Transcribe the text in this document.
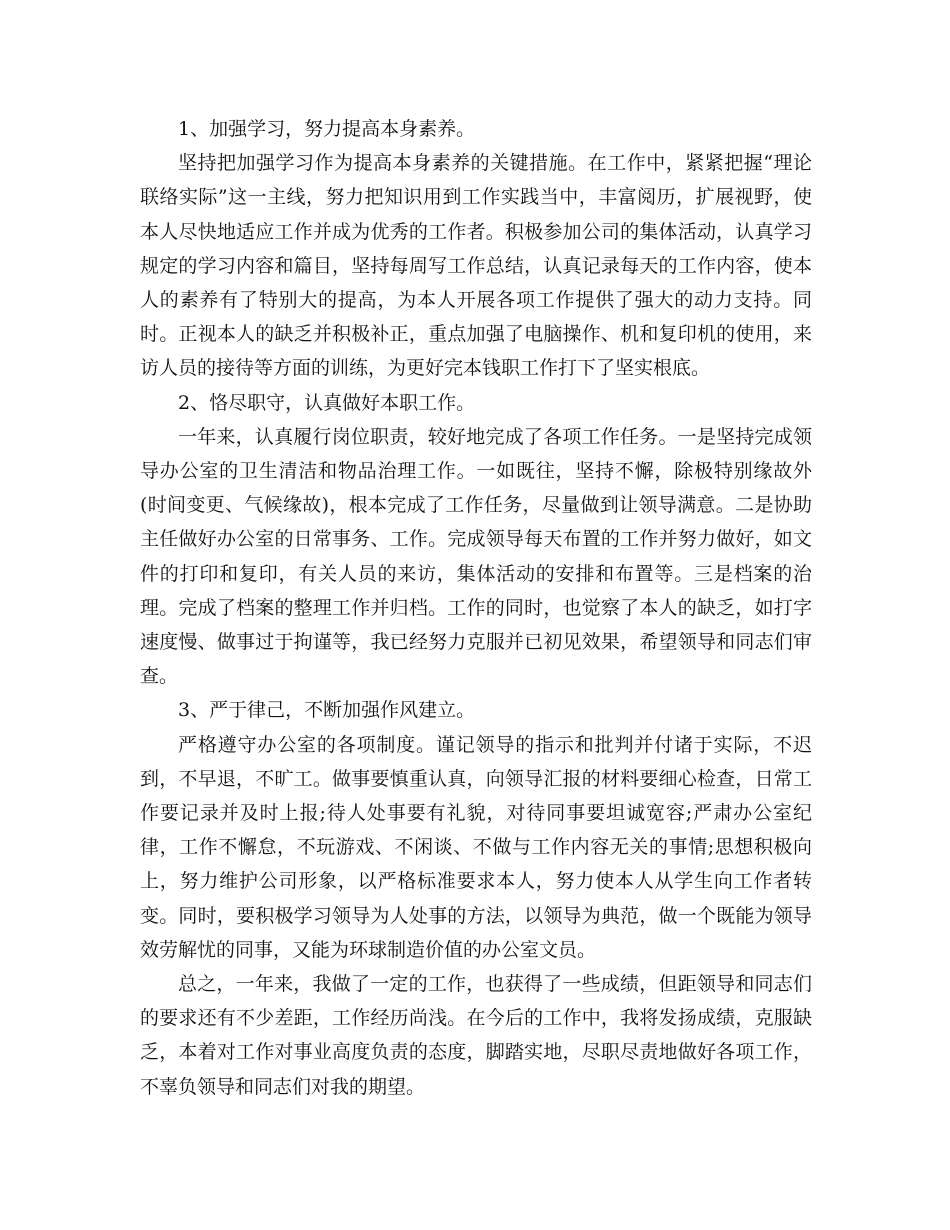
1、加强学习，努力提高本身素养。

坚持把加强学习作为提高本身素养的关键措施。在工作中，紧紧把握“理论联络实际”这一主线，努力把知识用到工作实践当中，丰富阅历，扩展视野，使本人尽快地适应工作并成为优秀的工作者。积极参加公司的集体活动，认真学习规定的学习内容和篇目，坚持每周写工作总结，认真记录每天的工作内容，使本人的素养有了特别大的提高，为本人开展各项工作提供了强大的动力支持。同时。正视本人的缺乏并积极补正，重点加强了电脑操作、机和复印机的使用，来访人员的接待等方面的训练，为更好完本钱职工作打下了坚实根底。

2、恪尽职守，认真做好本职工作。

一年来，认真履行岗位职责，较好地完成了各项工作任务。一是坚持完成领导办公室的卫生清洁和物品治理工作。一如既往，坚持不懈，除极特别缘故外(时间变更、气候缘故)，根本完成了工作任务，尽量做到让领导满意。二是协助主任做好办公室的日常事务、工作。完成领导每天布置的工作并努力做好，如文件的打印和复印，有关人员的来访，集体活动的安排和布置等。三是档案的治理。完成了档案的整理工作并归档。工作的同时，也觉察了本人的缺乏，如打字速度慢、做事过于拘谨等，我已经努力克服并已初见效果，希望领导和同志们审查。

3、严于律己，不断加强作风建立。

严格遵守办公室的各项制度。谨记领导的指示和批判并付诸于实际，不迟到，不早退，不旷工。做事要慎重认真，向领导汇报的材料要细心检查，日常工作要记录并及时上报;待人处事要有礼貌，对待同事要坦诚宽容;严肃办公室纪律，工作不懈怠，不玩游戏、不闲谈、不做与工作内容无关的事情;思想积极向上，努力维护公司形象，以严格标准要求本人，努力使本人从学生向工作者转变。同时，要积极学习领导为人处事的方法，以领导为典范，做一个既能为领导效劳解忧的同事，又能为环球制造价值的办公室文员。

总之，一年来，我做了一定的工作，也获得了一些成绩，但距领导和同志们的要求还有不少差距，工作经历尚浅。在今后的工作中，我将发扬成绩，克服缺乏，本着对工作对事业高度负责的态度，脚踏实地，尽职尽责地做好各项工作，不辜负领导和同志们对我的期望。
